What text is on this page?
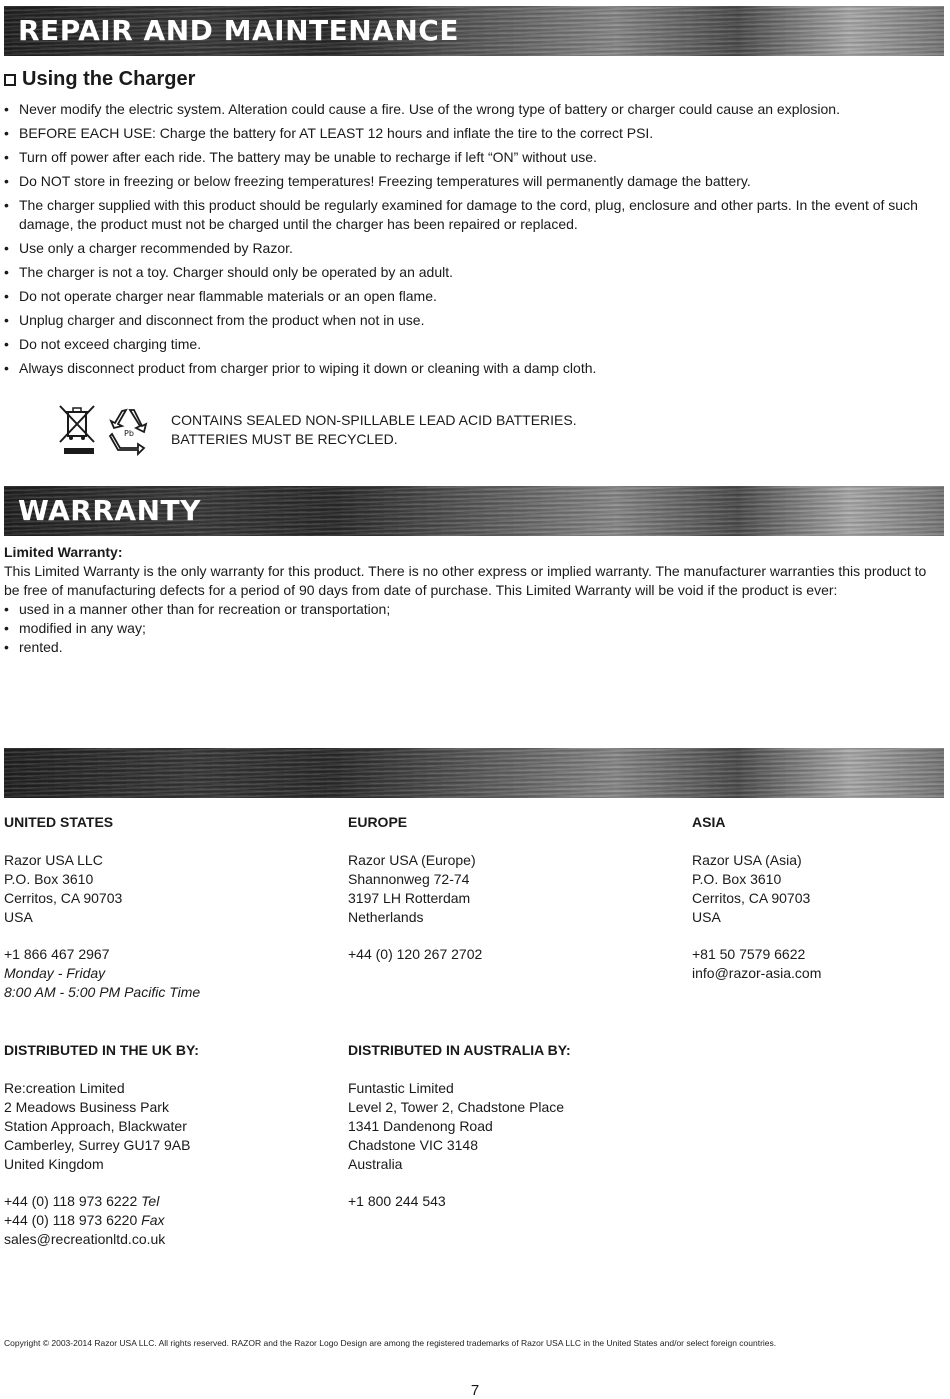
REPAIR AND MAINTENANCE
Using the Charger
• Never modify the electric system. Alteration could cause a fire. Use of the wrong type of battery or charger could cause an explosion.
• BEFORE EACH USE: Charge the battery for AT LEAST 12 hours and inflate the tire to the correct PSI.
• Turn off power after each ride. The battery may be unable to recharge if left “ON” without use.
• Do NOT store in freezing or below freezing temperatures! Freezing temperatures will permanently damage the battery.
• The charger supplied with this product should be regularly examined for damage to the cord, plug, enclosure and other parts. In the event of such damage, the product must not be charged until the charger has been repaired or replaced.
• Use only a charger recommended by Razor.
• The charger is not a toy. Charger should only be operated by an adult.
• Do not operate charger near flammable materials or an open flame.
• Unplug charger and disconnect from the product when not in use.
• Do not exceed charging time.
• Always disconnect product from charger prior to wiping it down or cleaning with a damp cloth.
Pb
CONTAINS SEALED NON-SPILLABLE LEAD ACID BATTERIES.
BATTERIES MUST BE RECYCLED.
WARRANTY
Limited Warranty:
This Limited Warranty is the only warranty for this product. There is no other express or implied warranty. The manufacturer warranties this product to be free of manufacturing defects for a period of 90 days from date of purchase. This Limited Warranty will be void if the product is ever:
• used in a manner other than for recreation or transportation;
• modified in any way;
• rented.
UNITED STATES
Razor USA LLC
P.O. Box 3610
Cerritos, CA 90703
USA
+1 866 467 2967
Monday - Friday
8:00 AM - 5:00 PM Pacific Time
EUROPE
Razor USA (Europe)
Shannonweg 72-74
3197 LH Rotterdam
Netherlands
+44 (0) 120 267 2702
ASIA
Razor USA (Asia)
P.O. Box 3610
Cerritos, CA 90703
USA
+81 50 7579 6622
info@razor-asia.com
DISTRIBUTED IN THE UK BY:
Re:creation Limited
2 Meadows Business Park
Station Approach, Blackwater
Camberley, Surrey GU17 9AB
United Kingdom
+44 (0) 118 973 6222 Tel
+44 (0) 118 973 6220 Fax
sales@recreationltd.co.uk
DISTRIBUTED IN AUSTRALIA BY:
Funtastic Limited
Level 2, Tower 2, Chadstone Place
1341 Dandenong Road
Chadstone VIC 3148
Australia
+1 800 244 543
Copyright © 2003-2014 Razor USA LLC. All rights reserved. RAZOR and the Razor Logo Design are among the registered trademarks of Razor USA LLC in the United States and/or select foreign countries.
7
